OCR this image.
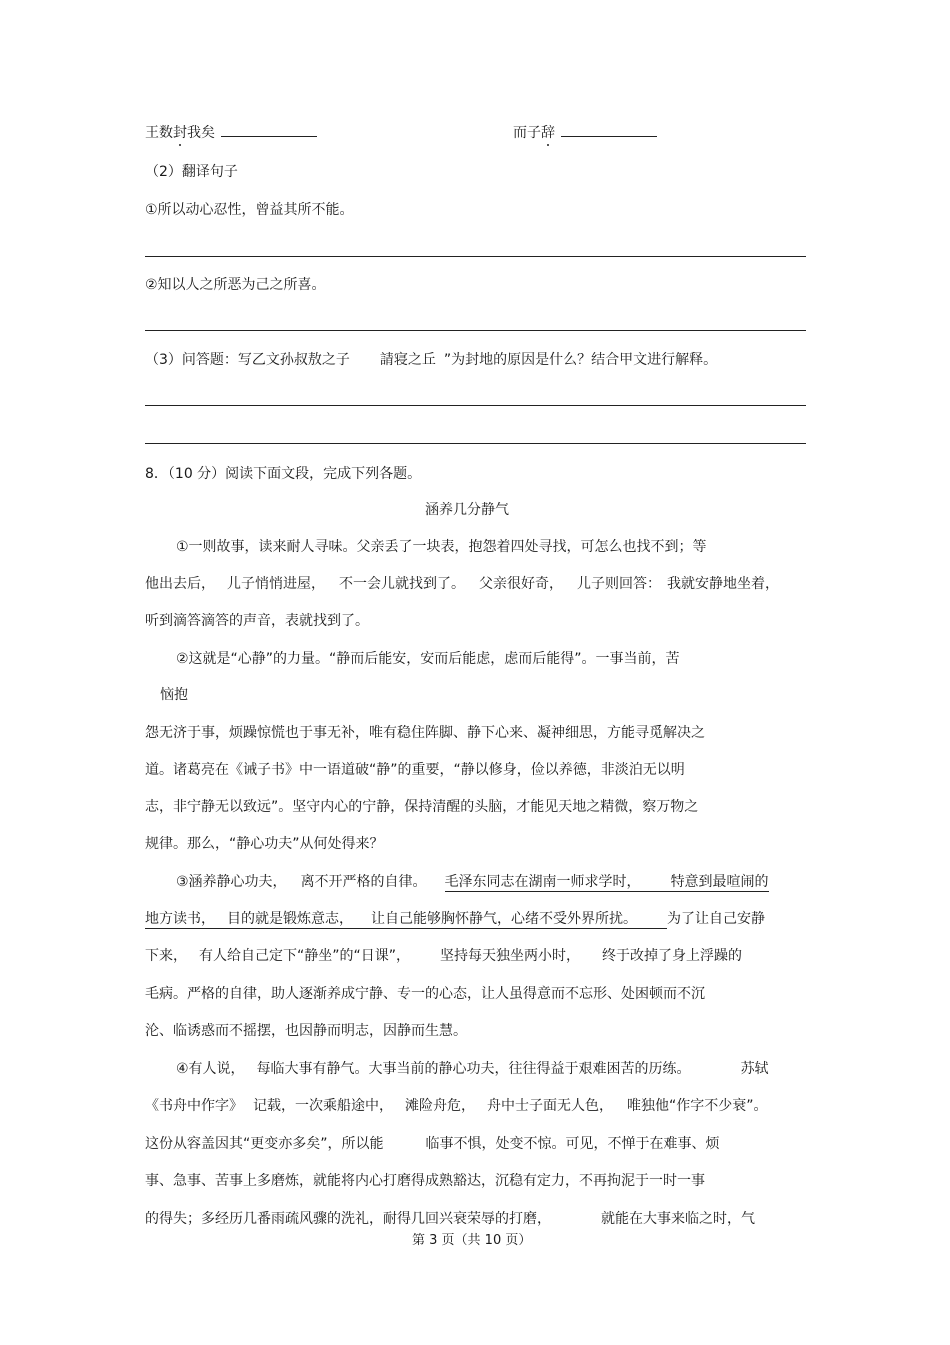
王数封我矣	而子辞
（2）翻译句子
①所以动心忍性，曾益其所不能。
②知以人之所恶为己之所喜。
（3）问答题：写乙文孙叔敖之子 請寝之丘 ”为封地的原因是什么？结合甲文进行解释。
8．（10 分）阅读下面文段，完成下列各题。
涵养几分静气
①一则故事，读来耐人寻味。父亲丢了一块表，抱怨着四处寻找，可怎么也找不到；等
他出去后， 儿子悄悄进屋， 不一会儿就找到了。 父亲很好奇， 儿子则回答： 我就安静地坐着，
听到滴答滴答的声音，表就找到了。
②这就是“心静”的力量。“静而后能安，安而后能虑，虑而后能得”。一事当前，苦
恼抱
怨无济于事，烦躁惊慌也于事无补，唯有稳住阵脚、静下心来、凝神细思，方能寻觅解决之
道。诸葛亮在《诫子书》中一语道破“静”的重要，“静以修身，俭以养德，非淡泊无以明
志，非宁静无以致远”。坚守内心的宁静，保持清醒的头脑，才能见天地之精微，察万物之
规律。那么，“静心功夫”从何处得来？
③涵养静心功夫， 离不开严格的自律。 毛泽东同志在湖南一师求学时， 特意到最喧闹的
地方读书， 目的就是锻炼意志， 让自己能够胸怀静气，心绪不受外界所扰。 为了让自己安静
下来， 有人给自己定下“静坐”的“日课”， 坚持每天独坐两小时， 终于改掉了身上浮躁的
毛病。严格的自律，助人逐渐养成宁静、专一的心态，让人虽得意而不忘形、处困顿而不沉
沦、临诱惑而不摇摆，也因静而明志，因静而生慧。
④有人说， 每临大事有静气。大事当前的静心功夫，往往得益于艰难困苦的历练。	苏轼
《书舟中作字》 记载，一次乘船途中， 滩险舟危， 舟中士子面无人色， 唯独他“作字不少衰”。
这份从容盖因其“更变亦多矣”，所以能	临事不惧，处变不惊。可见，不惮于在难事、烦
事、急事、苦事上多磨炼，就能将内心打磨得成熟豁达，沉稳有定力，不再拘泥于一时一事
的得失；多经历几番雨疏风骤的洗礼，耐得几回兴衰荣辱的打磨，	就能在大事来临之时，气
第 3 页（共 10 页）
